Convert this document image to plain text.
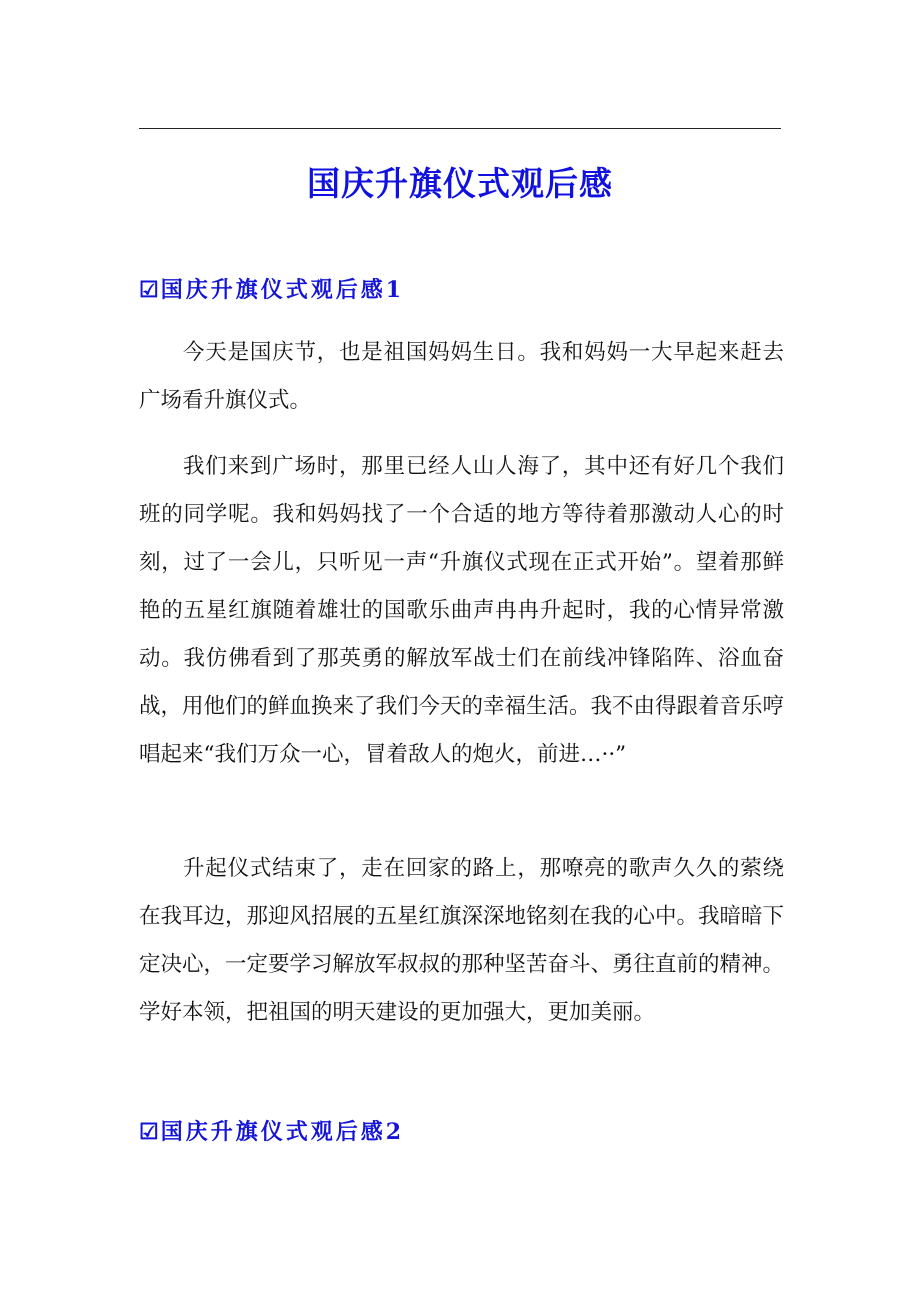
国庆升旗仪式观后感
☑国庆升旗仪式观后感1

今天是国庆节，也是祖国妈妈生日。我和妈妈一大早起来赶去广场看升旗仪式。

我们来到广场时，那里已经人山人海了，其中还有好几个我们班的同学呢。我和妈妈找了一个合适的地方等待着那激动人心的时刻，过了一会儿，只听见一声“升旗仪式现在正式开始”。望着那鲜艳的五星红旗随着雄壮的国歌乐曲声冉冉升起时，我的心情异常激动。我仿佛看到了那英勇的解放军战士们在前线冲锋陷阵、浴血奋战，用他们的鲜血换来了我们今天的幸福生活。我不由得跟着音乐哼唱起来“我们万众一心，冒着敌人的炮火，前进…··”

升起仪式结束了，走在回家的路上，那嘹亮的歌声久久的萦绕在我耳边，那迎风招展的五星红旗深深地铭刻在我的心中。我暗暗下定决心，一定要学习解放军叔叔的那种坚苦奋斗、勇往直前的精神。学好本领，把祖国的明天建设的更加强大，更加美丽。

☑国庆升旗仪式观后感2
